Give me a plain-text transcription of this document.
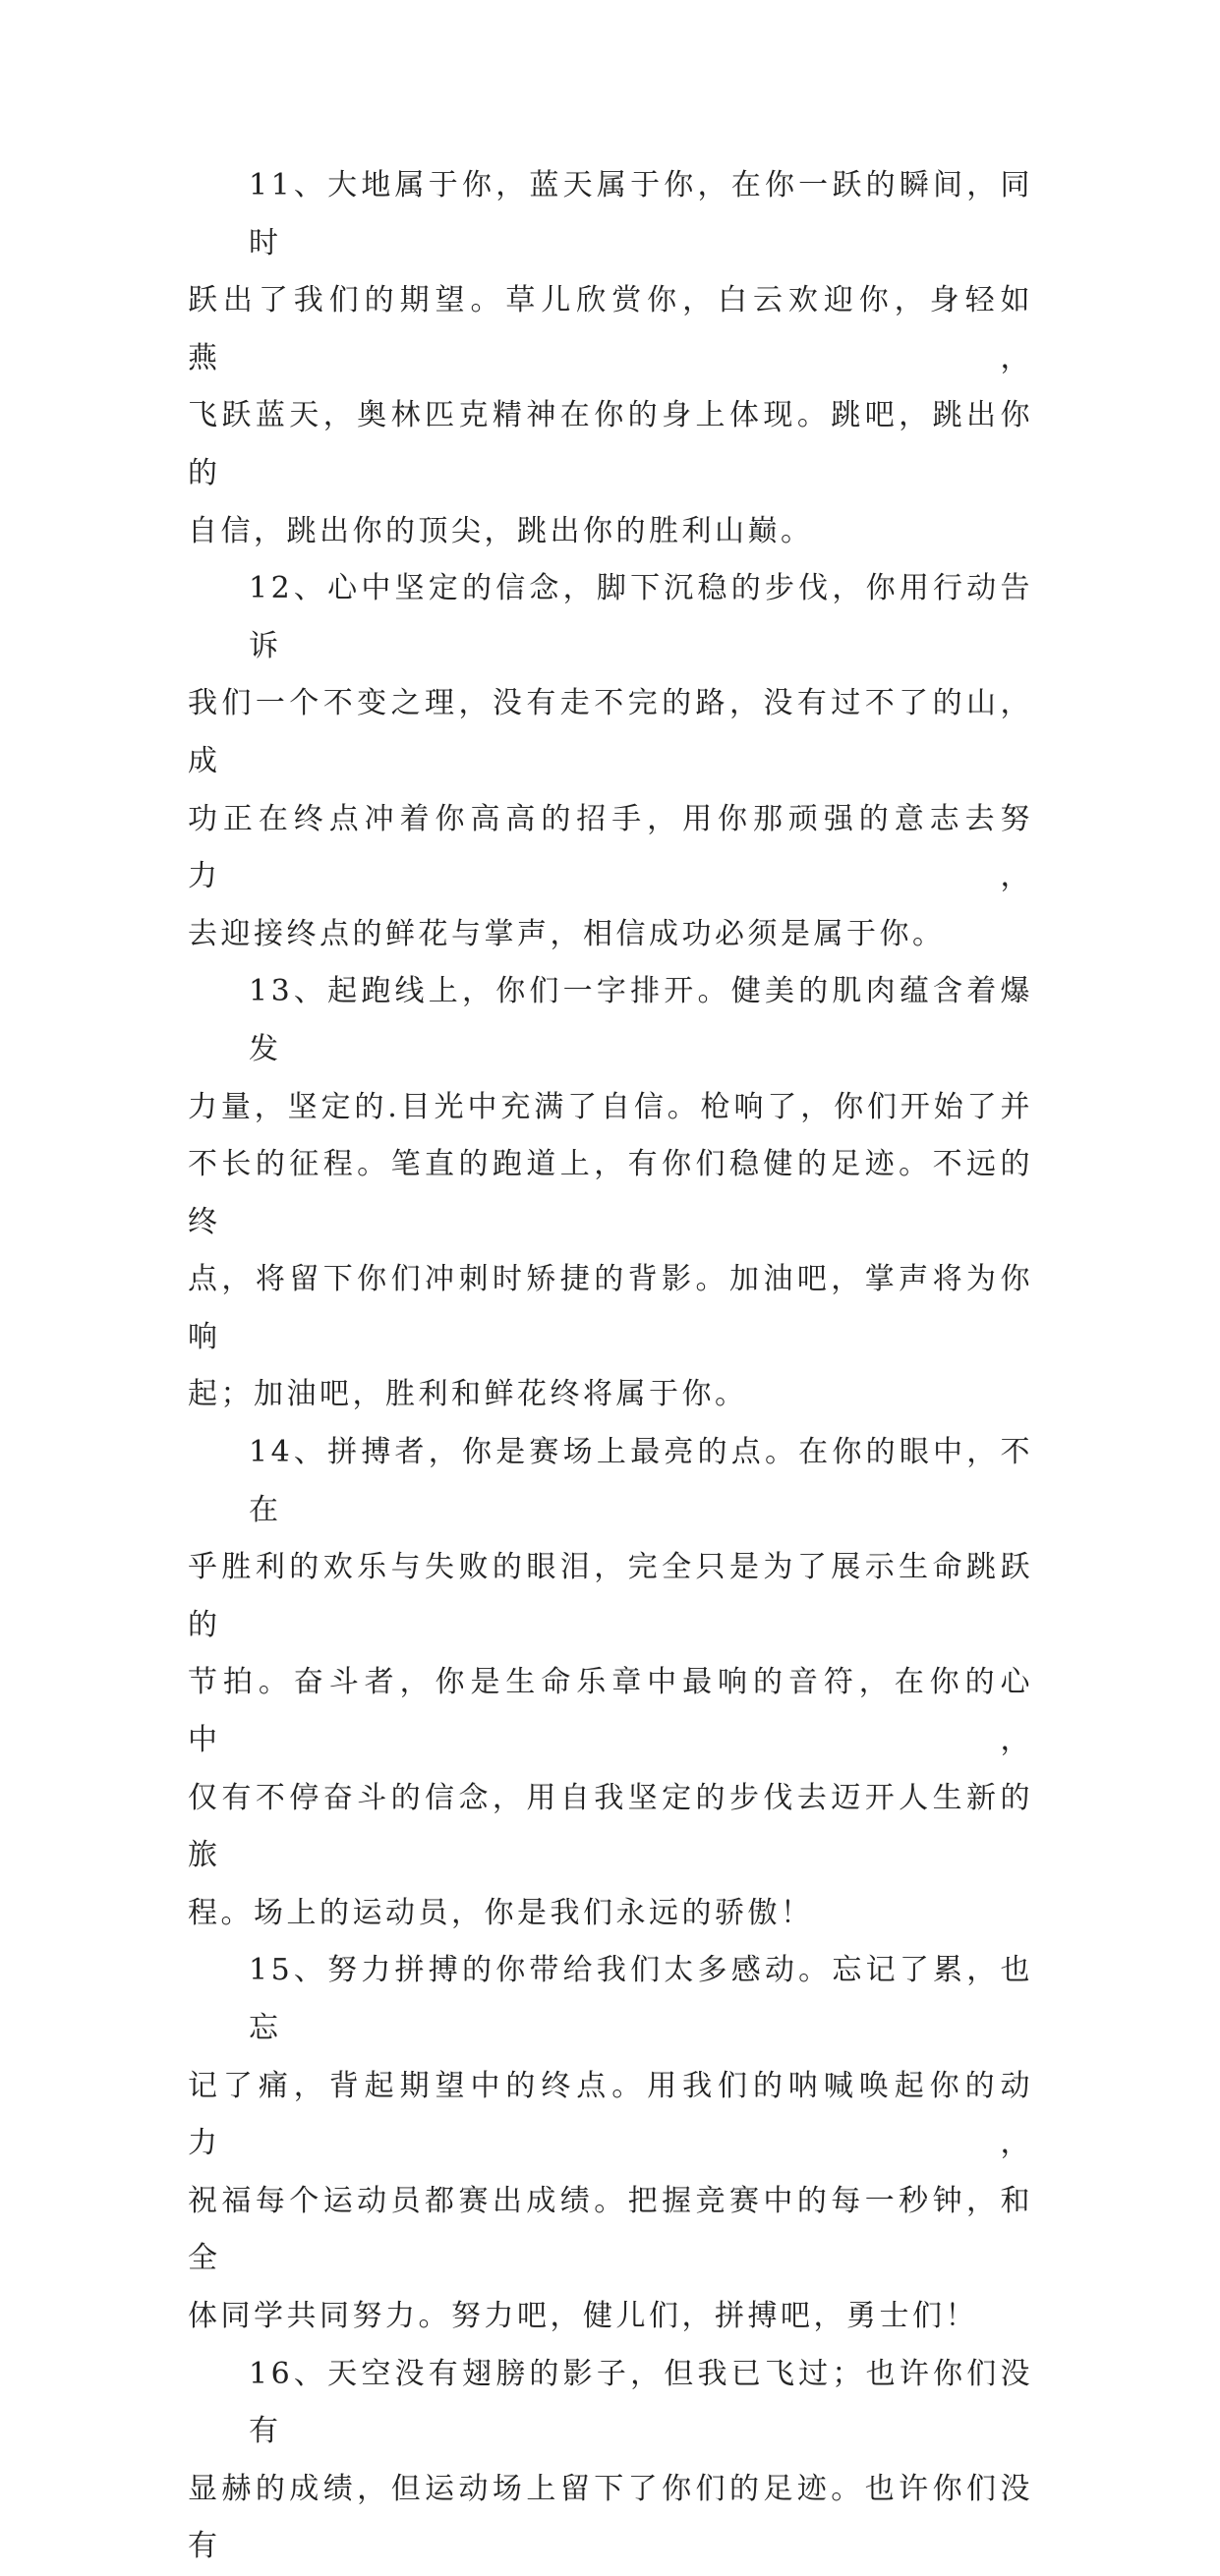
11、大地属于你，蓝天属于你，在你一跃的瞬间，同时
跃出了我们的期望。草儿欣赏你，白云欢迎你，身轻如燕，
飞跃蓝天，奥林匹克精神在你的身上体现。跳吧，跳出你的
自信，跳出你的顶尖，跳出你的胜利山巅。
12、心中坚定的信念，脚下沉稳的步伐，你用行动告诉
我们一个不变之理，没有走不完的路，没有过不了的山，成
功正在终点冲着你高高的招手，用你那顽强的意志去努力，
去迎接终点的鲜花与掌声，相信成功必须是属于你。
13、起跑线上，你们一字排开。健美的肌肉蕴含着爆发
力量，坚定的.目光中充满了自信。枪响了，你们开始了并
不长的征程。笔直的跑道上，有你们稳健的足迹。不远的终
点，将留下你们冲刺时矫捷的背影。加油吧，掌声将为你响
起；加油吧，胜利和鲜花终将属于你。
14、拼搏者，你是赛场上最亮的点。在你的眼中，不在
乎胜利的欢乐与失败的眼泪，完全只是为了展示生命跳跃的
节拍。奋斗者，你是生命乐章中最响的音符，在你的心中，
仅有不停奋斗的信念，用自我坚定的步伐去迈开人生新的旅
程。场上的运动员，你是我们永远的骄傲！
15、努力拼搏的你带给我们太多感动。忘记了累，也忘
记了痛，背起期望中的终点。用我们的呐喊唤起你的动力，
祝福每个运动员都赛出成绩。把握竞赛中的每一秒钟，和全
体同学共同努力。努力吧，健儿们，拼搏吧，勇士们！
16、天空没有翅膀的影子，但我已飞过；也许你们没有
显赫的成绩，但运动场上留下了你们的足迹。也许你们没有
